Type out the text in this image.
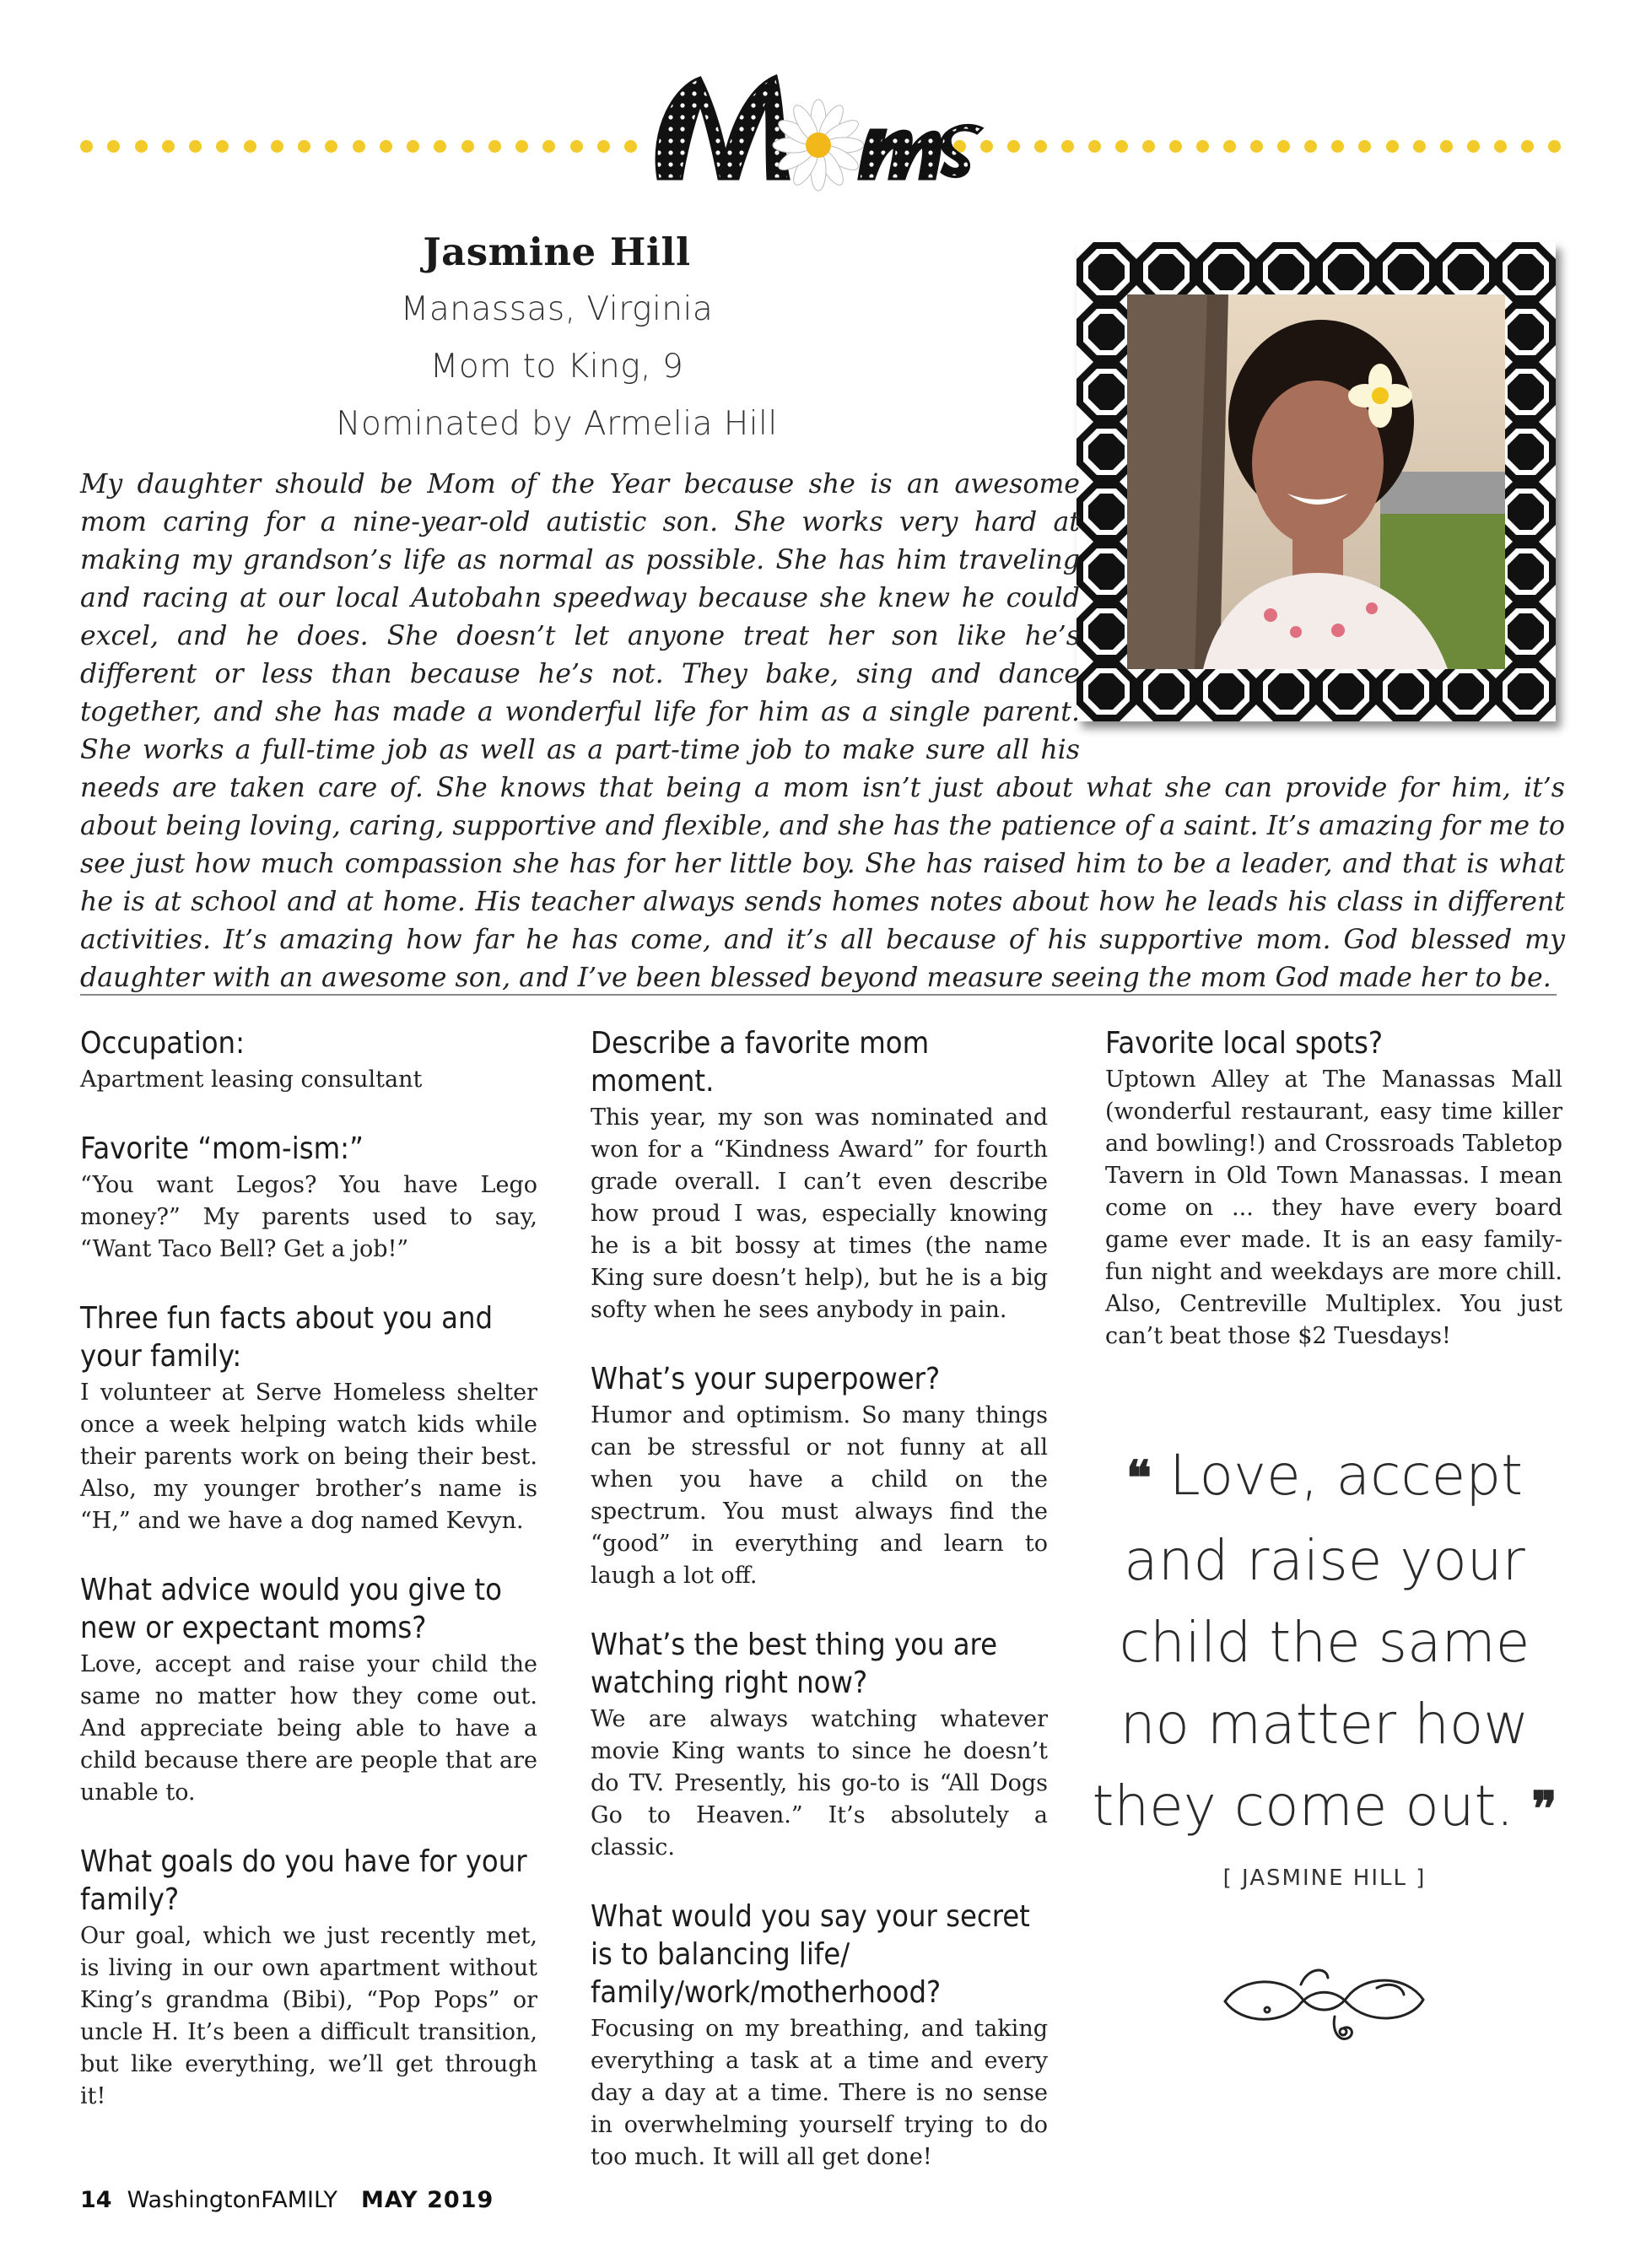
Jasmine Hill
Manassas, Virginia
Mom to King, 9
Nominated by Armelia Hill
My daughter should be Mom of the Year because she is an awesome mom caring for a nine-year-old autistic son. She works very hard at making my grandson’s life as normal as possible. She has him traveling and racing at our local Autobahn speedway because she knew he could excel, and he does. She doesn’t let anyone treat her son like he’s different or less than because he’s not. They bake, sing and dance together, and she has made a wonderful life for him as a single parent. She works a full-time job as well as a part-time job to make sure all his needs are taken care of. She knows that being a mom isn’t just about what she can provide for him, it’s about being loving, caring, supportive and flexible, and she has the patience of a saint. It’s amazing for me to see just how much compassion she has for her little boy. She has raised him to be a leader, and that is what he is at school and at home. His teacher always sends homes notes about how he leads his class in different activities. It’s amazing how far he has come, and it’s all because of his supportive mom. God blessed my daughter with an awesome son, and I’ve been blessed beyond measure seeing the mom God made her to be.

Occupation:

Apartment leasing consultant

Favorite “mom-ism:”

“You want Legos? You have Lego money?” My parents used to say, “Want Taco Bell? Get a job!”

Three fun facts about you and your family:

I volunteer at Serve Homeless shelter once a week helping watch kids while their parents work on being their best. Also, my younger brother’s name is “H,” and we have a dog named Kevyn.

What advice would you give to new or expectant moms?

Love, accept and raise your child the same no matter how they come out. And appreciate being able to have a child because there are people that are unable to.

What goals do you have for your family?

Our goal, which we just recently met, is living in our own apartment without King’s grandma (Bibi), “Pop Pops” or uncle H. It’s been a difficult transition, but like everything, we’ll get through it!

Describe a favorite mom moment.

This year, my son was nominated and won for a “Kindness Award” for fourth grade overall. I can’t even describe how proud I was, especially knowing he is a bit bossy at times (the name King sure doesn’t help), but he is a big softy when he sees anybody in pain.

What’s your superpower?

Humor and optimism. So many things can be stressful or not funny at all when you have a child on the spectrum. You must always find the “good” in everything and learn to laugh a lot off.

What’s the best thing you are watching right now?

We are always watching whatever movie King wants to since he doesn’t do TV. Presently, his go-to is “All Dogs Go to Heaven.” It’s absolutely a classic.

What would you say your secret is to balancing life/ family/work/motherhood?

Focusing on my breathing, and taking everything a task at a time and every day a day at a time. There is no sense in overwhelming yourself trying to do too much. It will all get done!

Favorite local spots?

Uptown Alley at The Manassas Mall (wonderful restaurant, easy time killer and bowling!) and Crossroads Tabletop Tavern in Old Town Manassas. I mean come on ... they have every board game ever made. It is an easy family-fun night and weekdays are more chill. Also, Centreville Multiplex. You just can’t beat those $2 Tuesdays!

❝ Love, accept and raise your child the same no matter how they come out. ❞
[ JASMINE HILL ]
14 WashingtonFAMILY MAY 2019
